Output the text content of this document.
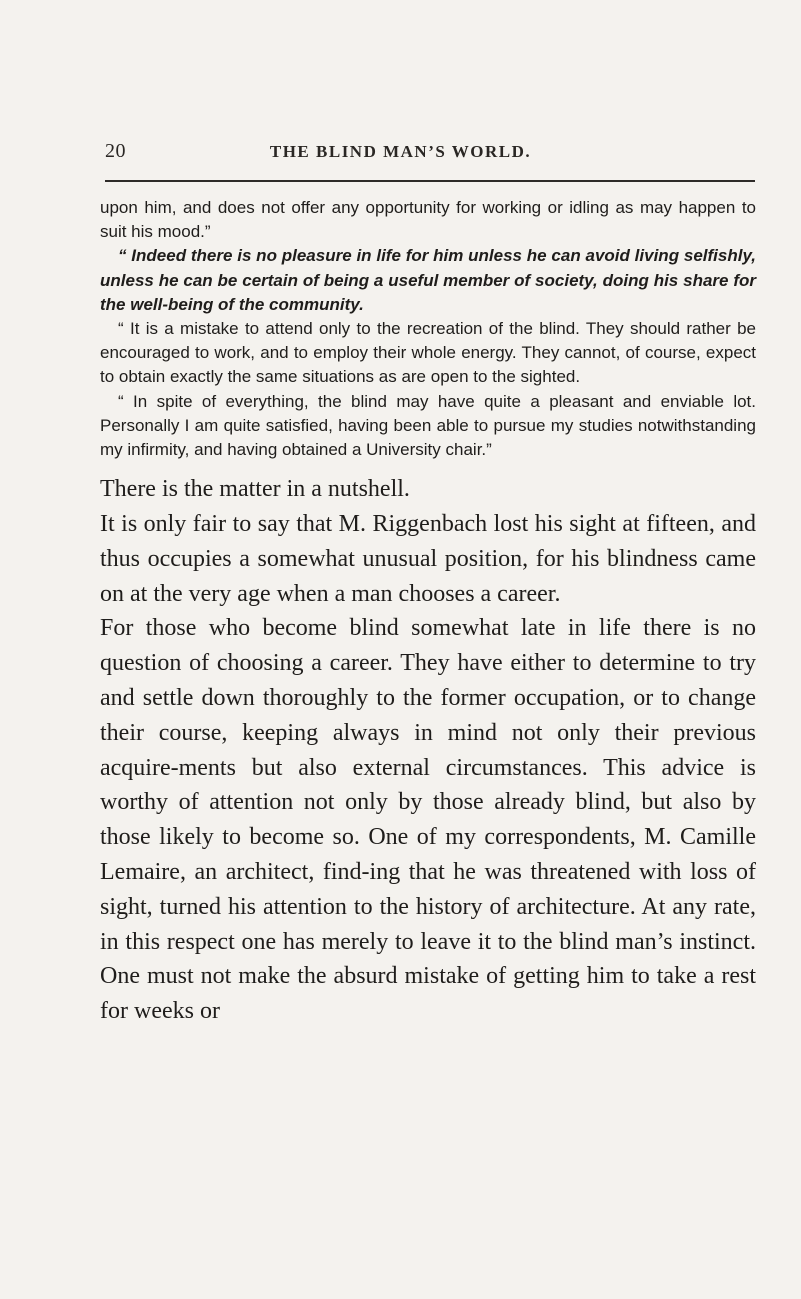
20	THE BLIND MAN’S WORLD.

upon him, and does not offer any opportunity for working or idling as may happen to suit his mood.”

“ Indeed there is no pleasure in life for him unless he can avoid living selfishly, unless he can be certain of being a useful member of society, doing his share for the well-being of the community.

“ It is a mistake to attend only to the recreation of the blind. They should rather be encouraged to work, and to employ their whole energy. They cannot, of course, expect to obtain exactly the same situations as are open to the sighted.

“ In spite of everything, the blind may have quite a pleasant and enviable lot. Personally I am quite satisfied, having been able to pursue my studies notwithstanding my infirmity, and having obtained a University chair.”

There is the matter in a nutshell.

It is only fair to say that M. Riggenbach lost his sight at fifteen, and thus occupies a somewhat unusual position, for his blindness came on at the very age when a man chooses a career.

For those who become blind somewhat late in life there is no question of choosing a career. They have either to determine to try and settle down thoroughly to the former occupation, or to change their course, keeping always in mind not only their previous acquire-ments but also external circumstances. This advice is worthy of attention not only by those already blind, but also by those likely to become so. One of my correspondents, M. Camille Lemaire, an architect, find-ing that he was threatened with loss of sight, turned his attention to the history of architecture. At any rate, in this respect one has merely to leave it to the blind man’s instinct. One must not make the absurd mistake of getting him to take a rest for weeks or
